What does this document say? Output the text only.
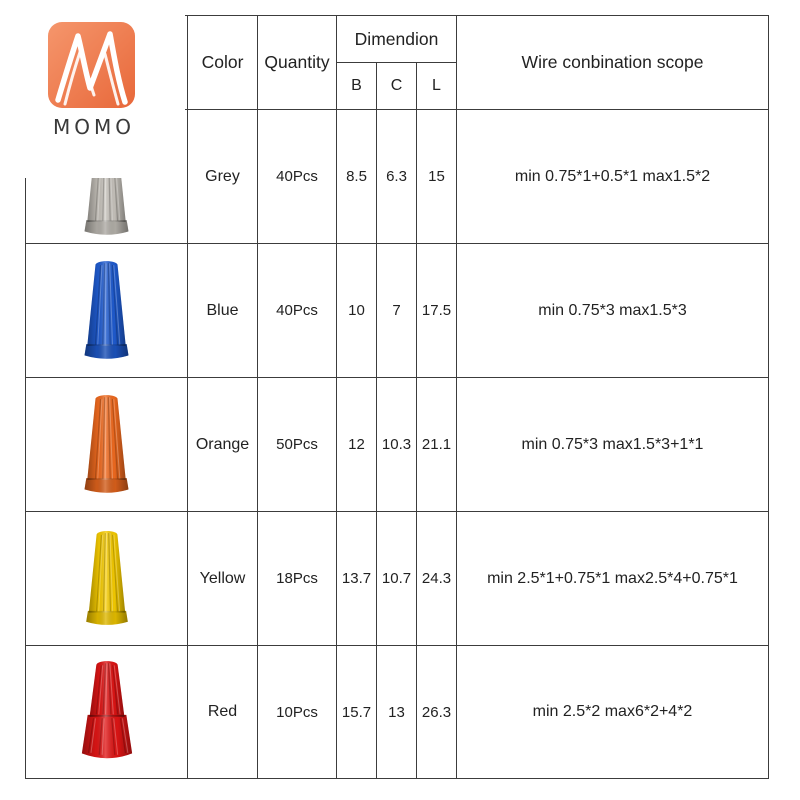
	Color	Quantity	Dimendion			Wire conbination scope
			B	C	L	

	Grey	40Pcs	8.5	6.3	15	min 0.75*1+0.5*1 max1.5*2

	Blue	40Pcs	10	7	17.5	min 0.75*3 max1.5*3

	Orange	50Pcs	12	10.3	21.1	min 0.75*3 max1.5*3+1*1

	Yellow	18Pcs	13.7	10.7	24.3	min 2.5*1+0.75*1 max2.5*4+0.75*1

	Red	10Pcs	15.7	13	26.3	min 2.5*2 max6*2+4*2
MOMO
